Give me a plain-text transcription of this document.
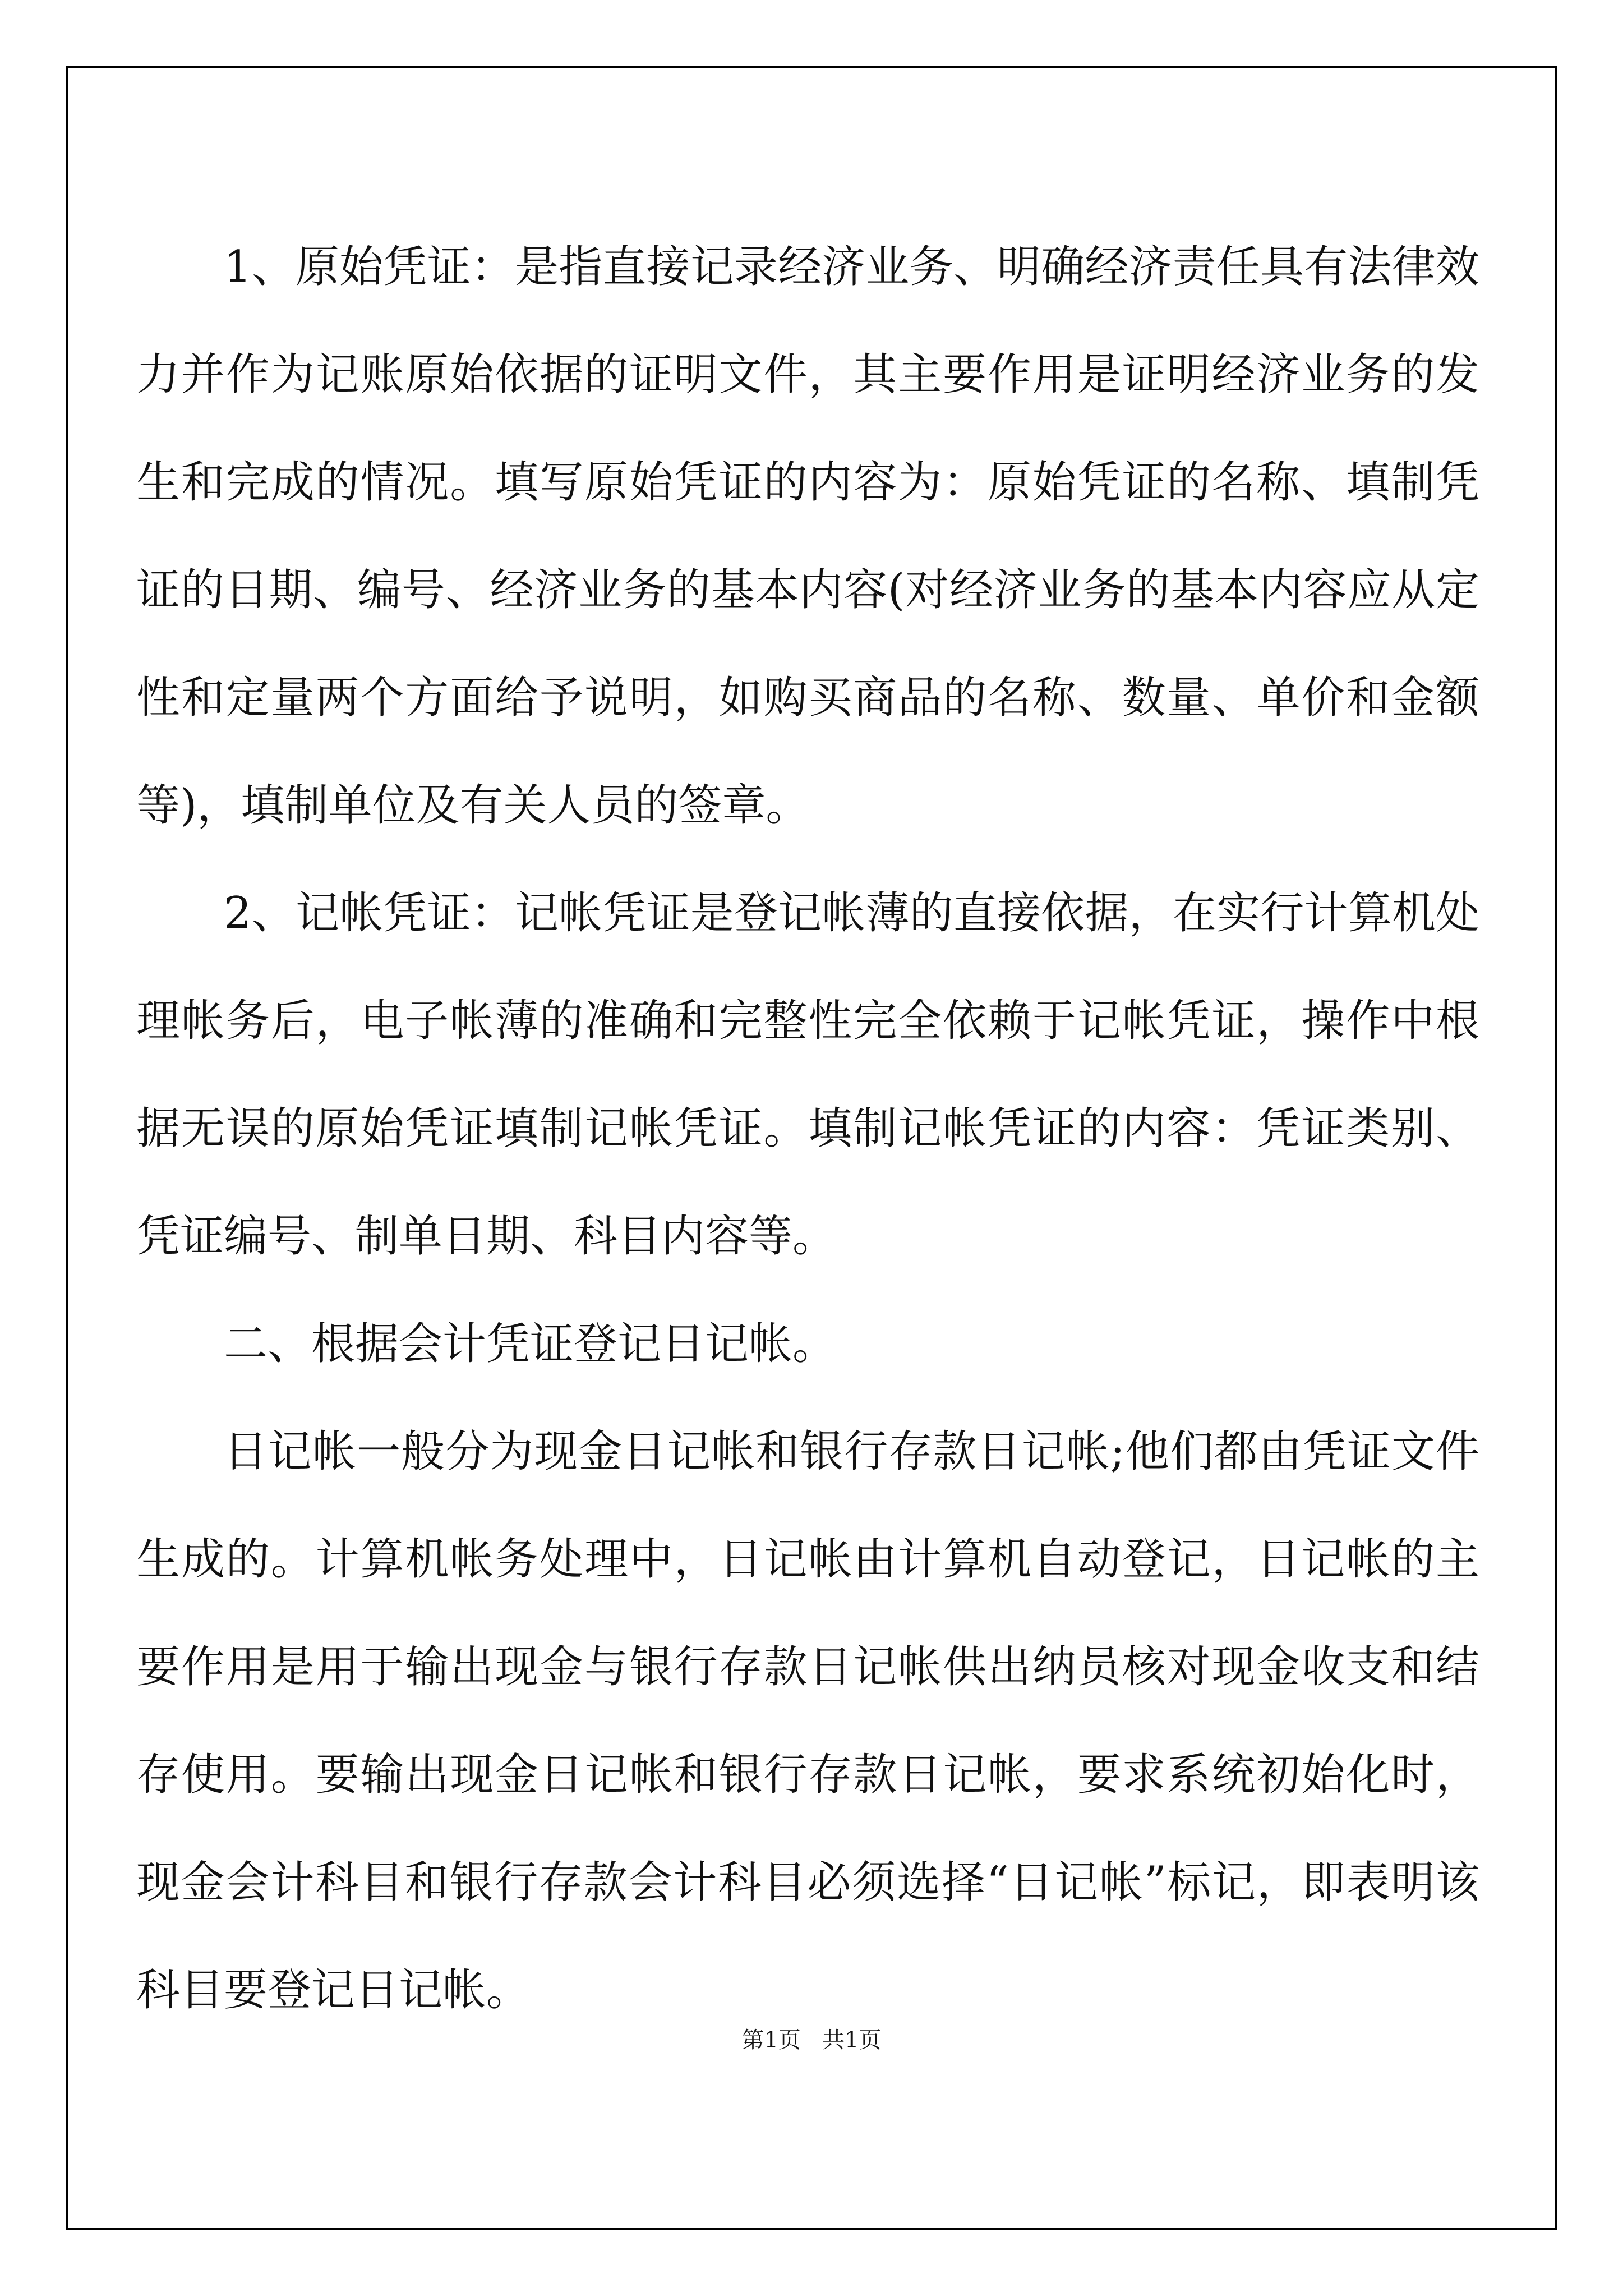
1、原始凭证：是指直接记录经济业务、明确经济责任具有法律效力并作为记账原始依据的证明文件，其主要作用是证明经济业务的发生和完成的情况。填写原始凭证的内容为：原始凭证的名称、填制凭证的日期、编号、经济业务的基本内容(对经济业务的基本内容应从定性和定量两个方面给予说明，如购买商品的名称、数量、单价和金额等)，填制单位及有关人员的签章。

2、记帐凭证：记帐凭证是登记帐薄的直接依据，在实行计算机处理帐务后，电子帐薄的准确和完整性完全依赖于记帐凭证，操作中根据无误的原始凭证填制记帐凭证。填制记帐凭证的内容：凭证类别、凭证编号、制单日期、科目内容等。

二、根据会计凭证登记日记帐。

日记帐一般分为现金日记帐和银行存款日记帐;他们都由凭证文件生成的。计算机帐务处理中，日记帐由计算机自动登记，日记帐的主要作用是用于输出现金与银行存款日记帐供出纳员核对现金收支和结存使用。要输出现金日记帐和银行存款日记帐，要求系统初始化时，现金会计科目和银行存款会计科目必须选择“日记帐”标记，即表明该科目要登记日记帐。

第1页   共1页
